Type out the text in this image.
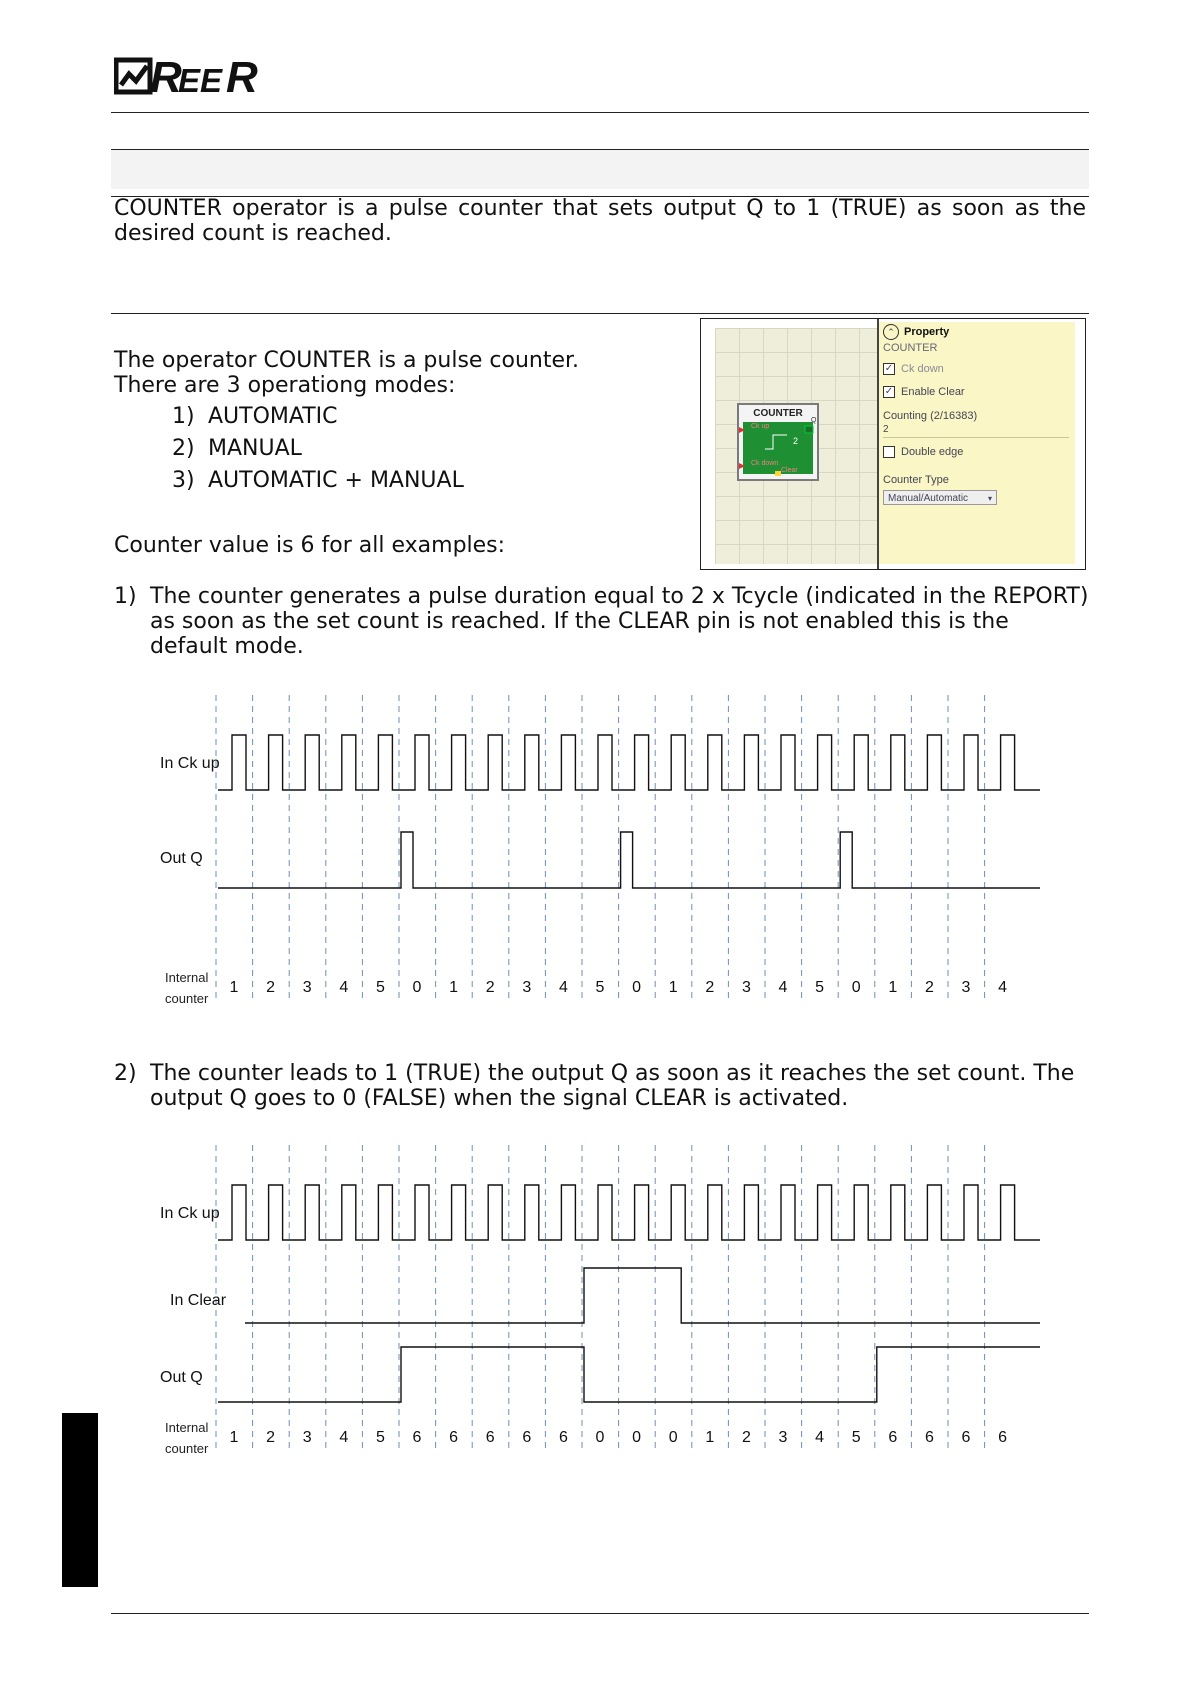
R
EE R
COUNTER operator is a pulse counter that sets output Q to 1 (TRUE) as soon as the desired count is reached.
The operator COUNTER is a pulse counter.
There are 3 operationg modes:
1) AUTOMATIC
2) MANUAL
3) AUTOMATIC + MANUAL
Counter value is 6 for all examples:
COUNTER
Ck up
Ck down
Clear
Q
2
⌃ Property
COUNTER
✓ Ck down
✓ Enable Clear
Counting (2/16383)
2
Double edge
Counter Type
Manual/Automatic ▾
1) The counter generates a pulse duration equal to 2 x Tcycle (indicated in the REPORT) as soon as the set count is reached. If the CLEAR pin is not enabled this is the default mode.
In Ck up
Out Q
Internal
counter
1 2 3 4 5 0 1 2 3 4 5 0 1 2 3 4 5 0 1 2 3 4
2) The counter leads to 1 (TRUE) the output Q as soon as it reaches the set count. The output Q goes to 0 (FALSE) when the signal CLEAR is activated.
In Ck up
In Clear
Out Q
Internal
counter
1 2 3 4 5 6 6 6 6 6 0 0 0 1 2 3 4 5 6 6 6 6
